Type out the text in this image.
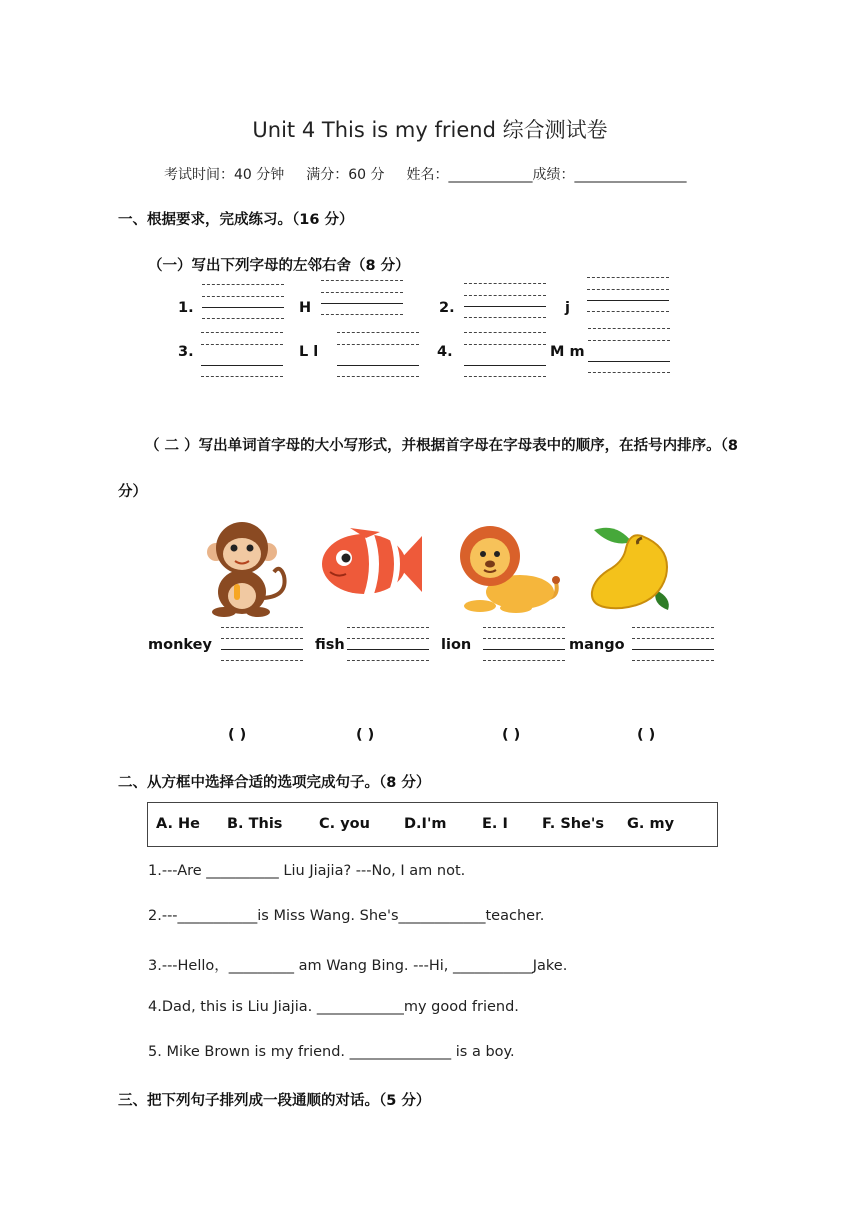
Unit 4 This is my friend 综合测试卷
考试时间：40 分钟 满分：60 分 姓名：____________成绩：________________
一、根据要求，完成练习。（16 分）
（一）写出下列字母的左邻右舍（8 分）
1.	H	2.	j
3.	L l	4.	M m
（ 二 ）写出单词首字母的大小写形式，并根据首字母在字母表中的顺序，在括号内排序。（8
分）
monkey	fish	lion	mango
( )	( )	( )	( )
二、从方框中选择合适的选项完成句子。（8 分）
A. He B. This	C. you D.I'm E. I F. She's G. my
1.---Are __________ Liu Jiajia? ---No, I am not.
2.---___________is Miss Wang. She's____________teacher.
3.---Hello，_________ am Wang Bing. ---Hi, ___________Jake.
4.Dad, this is Liu Jiajia. ____________my good friend.
5. Mike Brown is my friend. ______________ is a boy.
三、把下列句子排列成一段通顺的对话。（5 分）
